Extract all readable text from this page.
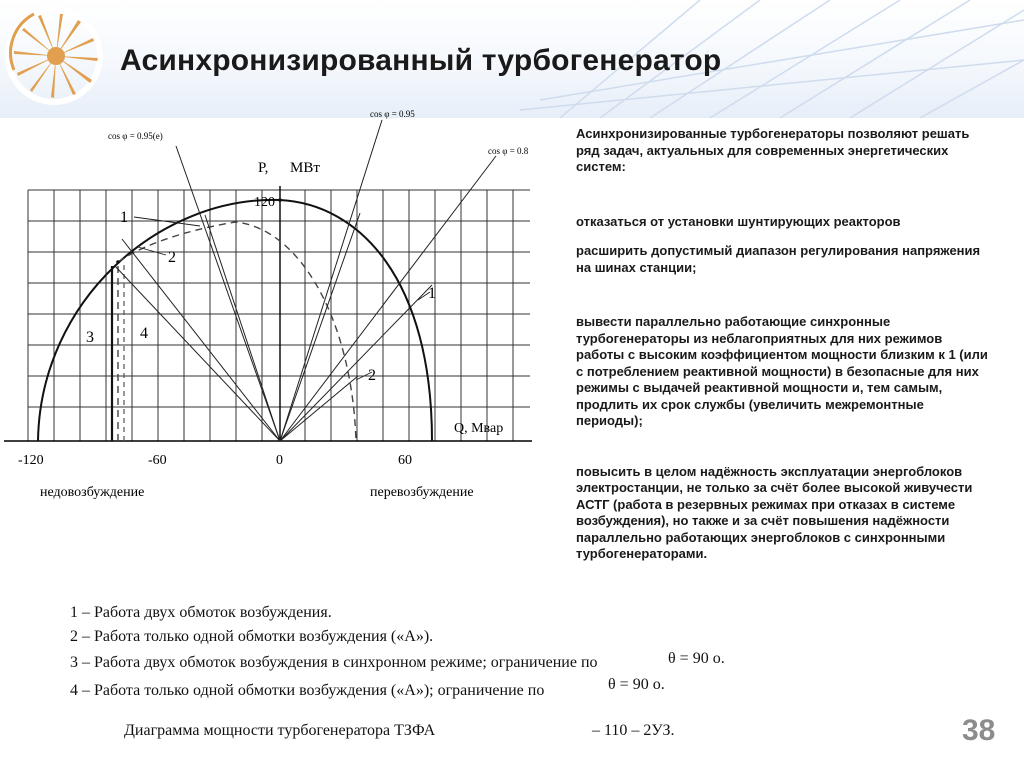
Асинхронизированный турбогенератор
P, МВт
120
Q, Мвар
-120	-60	0	60
недовозбуждение	перевозбуждение
cos φ = 0.95(e)
cos φ = 0.95
cos φ = 0.8
1
2
3	4
1
2

Асинхронизированные турбогенераторы позволяют решать ряд задач, актуальных для современных энергетических систем:

отказаться от установки шунтирующих реакторов

расширить допустимый диапазон регулирования напряжения на шинах станции;

вывести параллельно работающие синхронные турбогенераторы из неблагоприятных для них режимов работы с высоким коэффициентом мощности близким к 1 (или с потреблением реактивной мощности) в безопасные для них режимы с выдачей реактивной мощности и, тем самым, продлить их срок службы (увеличить межремонтные периоды);

повысить в целом надёжность эксплуатации энергоблоков электростанции, не только за счёт более высокой живучести АСТГ (работа в резервных режимах при отказах в системе возбуждения), но также и за счёт повышения надёжности параллельно работающих энергоблоков с синхронными турбогенераторами.

1 – Работа двух обмоток возбуждения.
2 – Работа только одной обмотки возбуждения («А»).
3 – Работа двух обмоток возбуждения в синхронном режиме; ограничение по	θ = 90 o.
4 – Работа только одной обмотки возбуждения («А»); ограничение по	θ = 90 o.
Диаграмма мощности турбогенератора ТЗФА	– 110 – 2УЗ.	38
